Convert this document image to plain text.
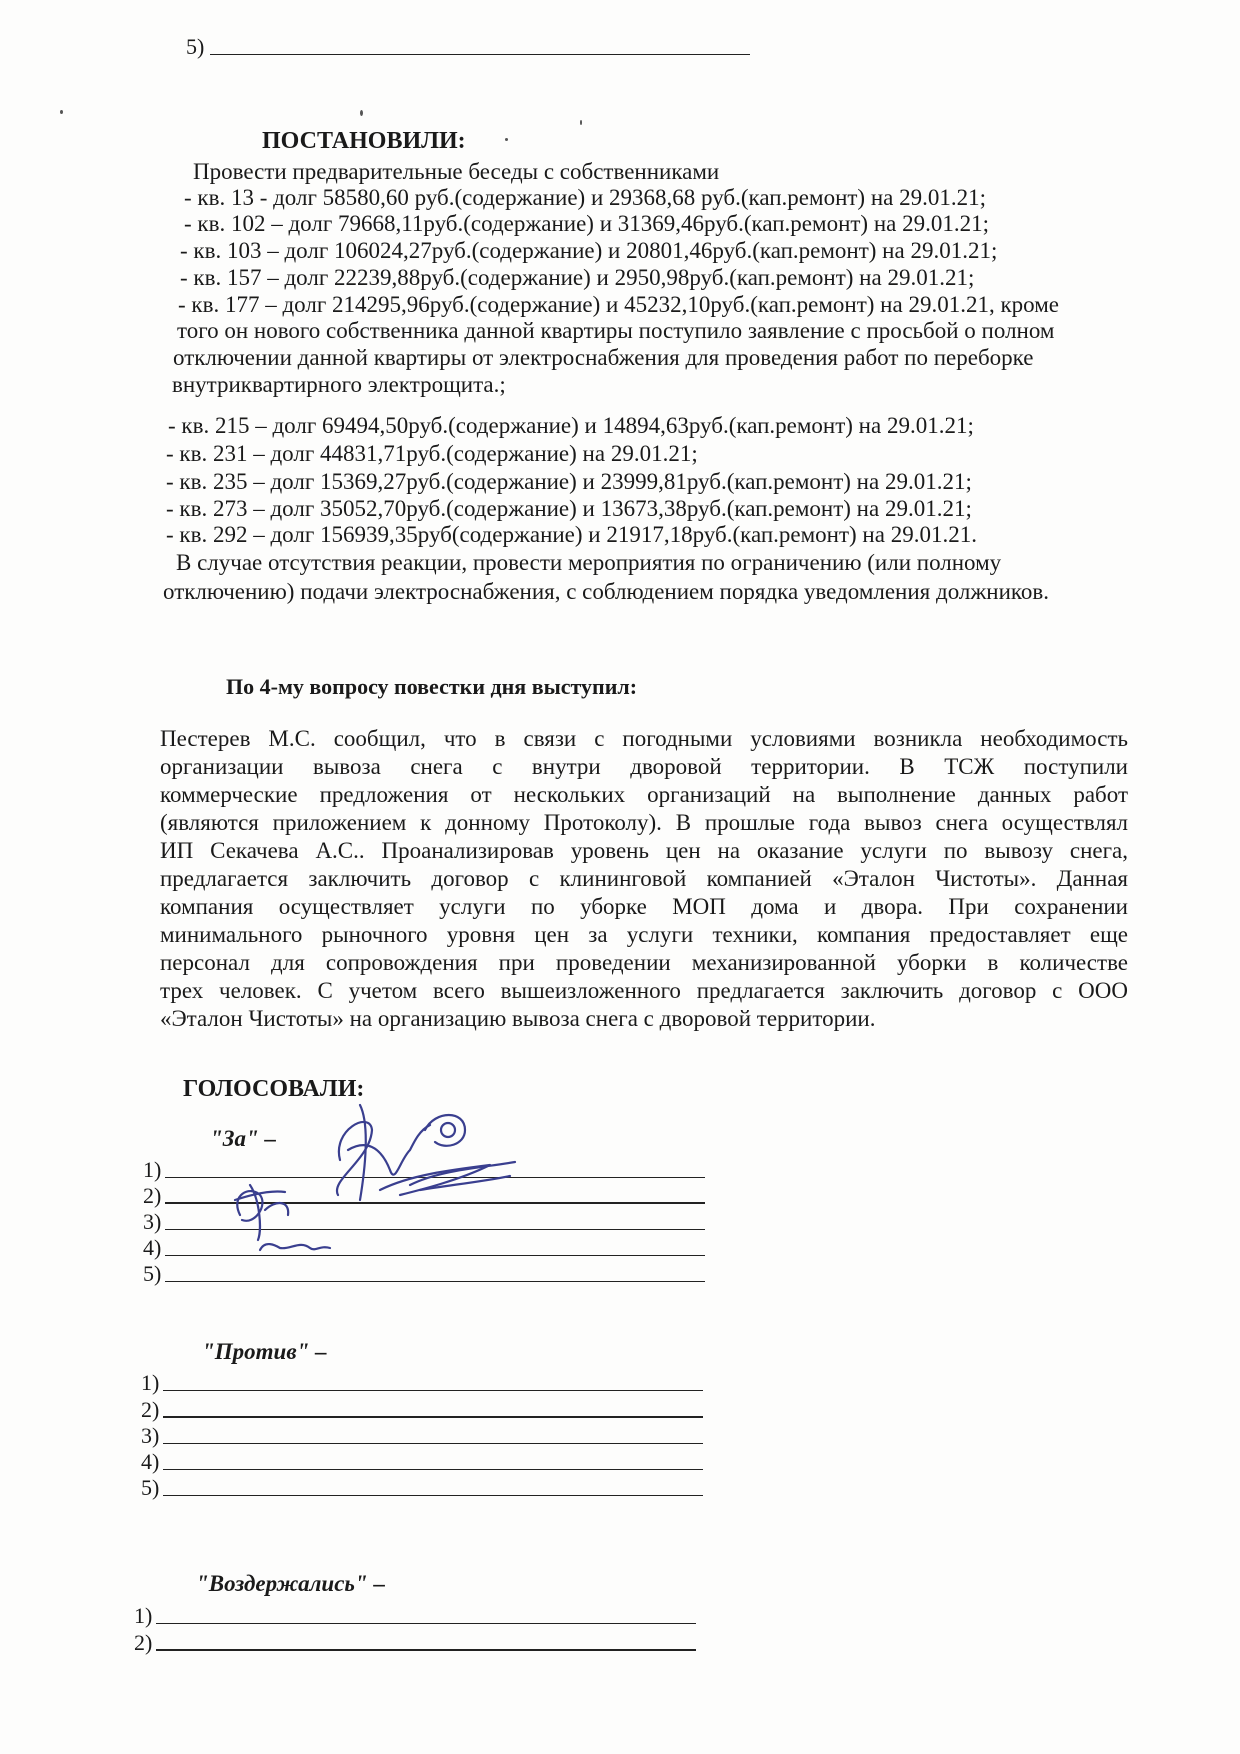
5)
ПОСТАНОВИЛИ:
Провести предварительные беседы с собственниками
- кв. 13 - долг 58580,60 руб.(содержание) и 29368,68 руб.(кап.ремонт) на 29.01.21;
- кв. 102 – долг 79668,11руб.(содержание) и 31369,46руб.(кап.ремонт) на 29.01.21;
- кв. 103 – долг 106024,27руб.(содержание) и 20801,46руб.(кап.ремонт) на 29.01.21;
- кв. 157 – долг 22239,88руб.(содержание) и 2950,98руб.(кап.ремонт) на 29.01.21;
- кв. 177 – долг 214295,96руб.(содержание) и 45232,10руб.(кап.ремонт) на 29.01.21, кроме
того он нового собственника данной квартиры поступило заявление с просьбой о полном
отключении данной квартиры от электроснабжения для проведения работ по переборке
внутриквартирного электрощита.;
- кв. 215 – долг 69494,50руб.(содержание) и 14894,63руб.(кап.ремонт) на 29.01.21;
- кв. 231 – долг 44831,71руб.(содержание) на 29.01.21;
- кв. 235 – долг 15369,27руб.(содержание) и 23999,81руб.(кап.ремонт) на 29.01.21;
- кв. 273 – долг 35052,70руб.(содержание) и 13673,38руб.(кап.ремонт) на 29.01.21;
- кв. 292 – долг 156939,35руб(содержание) и 21917,18руб.(кап.ремонт) на 29.01.21.
В случае отсутствия реакции, провести мероприятия по ограничению (или полному
отключению) подачи электроснабжения, с соблюдением порядка уведомления должников.
По 4-му вопросу повестки дня выступил:
Пестерев М.С. сообщил, что в связи с погодными условиями возникла необходимость
организации вывоза снега с внутри дворовой территории. В ТСЖ поступили
коммерческие предложения от нескольких организаций на выполнение данных работ
(являются приложением к донному Протоколу). В прошлые года вывоз снега осуществлял
ИП Секачева А.С.. Проанализировав уровень цен на оказание услуги по вывозу снега,
предлагается заключить договор с клининговой компанией «Эталон Чистоты». Данная
компания осуществляет услуги по уборке МОП дома и двора. При сохранении
минимального рыночного уровня цен за услуги техники, компания предоставляет еще
персонал для сопровождения при проведении механизированной уборки в количестве
трех человек. С учетом всего вышеизложенного предлагается заключить договор с ООО
«Эталон Чистоты» на организацию вывоза снега с дворовой территории.
ГОЛОСОВАЛИ:
"За" –
1)
2)
3)
4)
5)
"Против" –
1)
2)
3)
4)
5)
"Воздержались" –
1)
2)
